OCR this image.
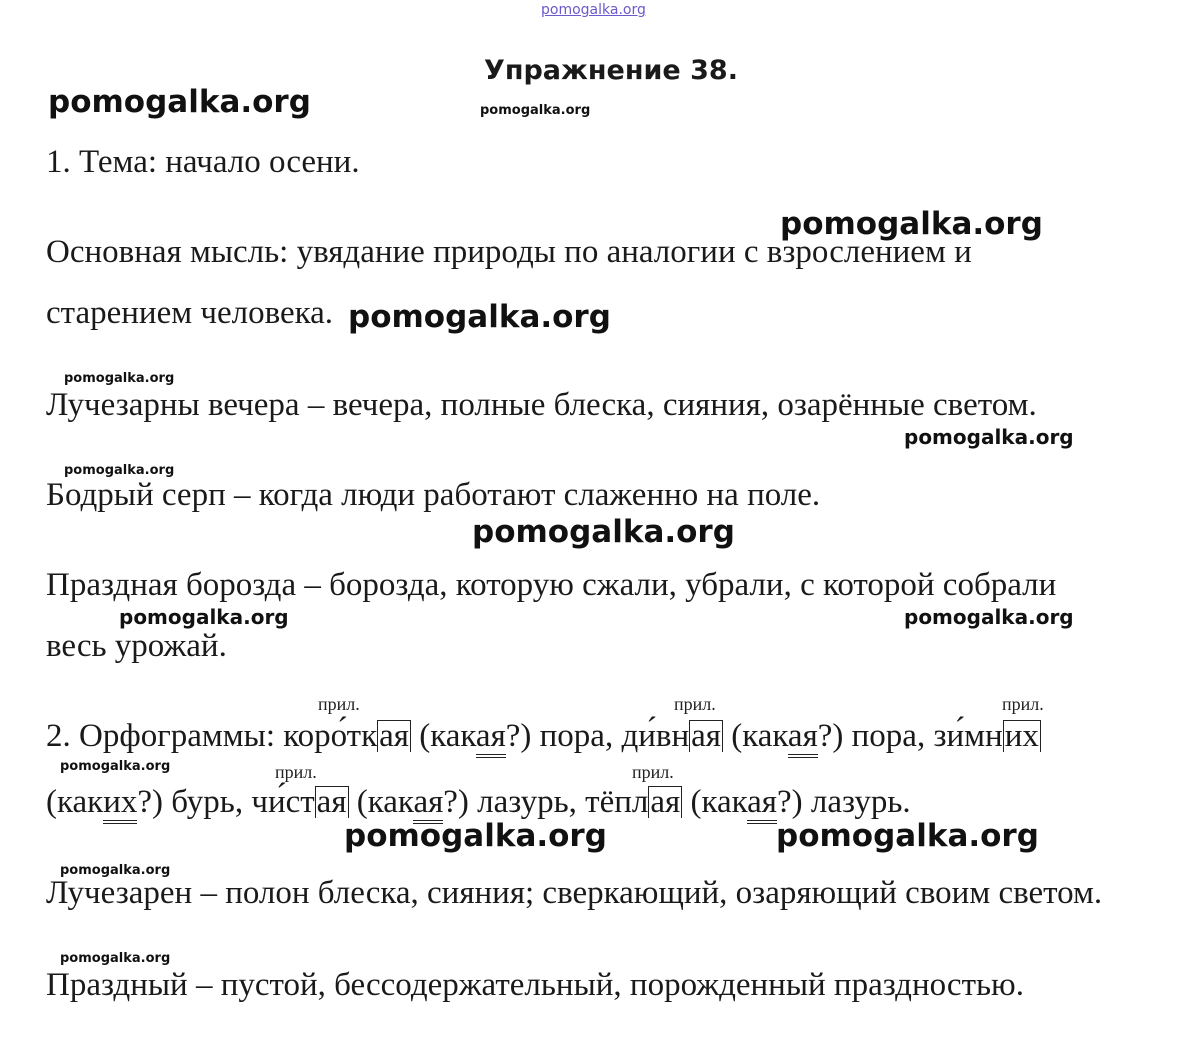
pomogalka.org
pomogalka.org	pomogalka.org
pomogalka.org
pomogalka.org
pomogalka.org
pomogalka.org
pomogalka.org
pomogalka.org
pomogalka.org	pomogalka.org
pomogalka.org
pomogalka.org	pomogalka.org
pomogalka.org
pomogalka.org
Упражнение 38.
1. Тема: начало осени.
Основная мысль: увядание природы по аналогии с взрослением и
старением человека.
Лучезарны вечера – вечера, полные блеска, сияния, озарённые светом.
Бодрый серп – когда люди работают слаженно на поле.
Праздная борозда – борозда, которую сжали, убрали, с которой собрали
весь урожай.
прил.	прил.	прил.
прил.	прил.
2. Орфограммы: коро́ткая (какая?) пора, ди́вная (какая?) пора, зи́мних
(каких?) бурь, чи́стая (какая?) лазурь, тёплая (какая?) лазурь.
Лучезарен – полон блеска, сияния; сверкающий, озаряющий своим светом.
Праздный – пустой, бессодержательный, порожденный праздностью.
